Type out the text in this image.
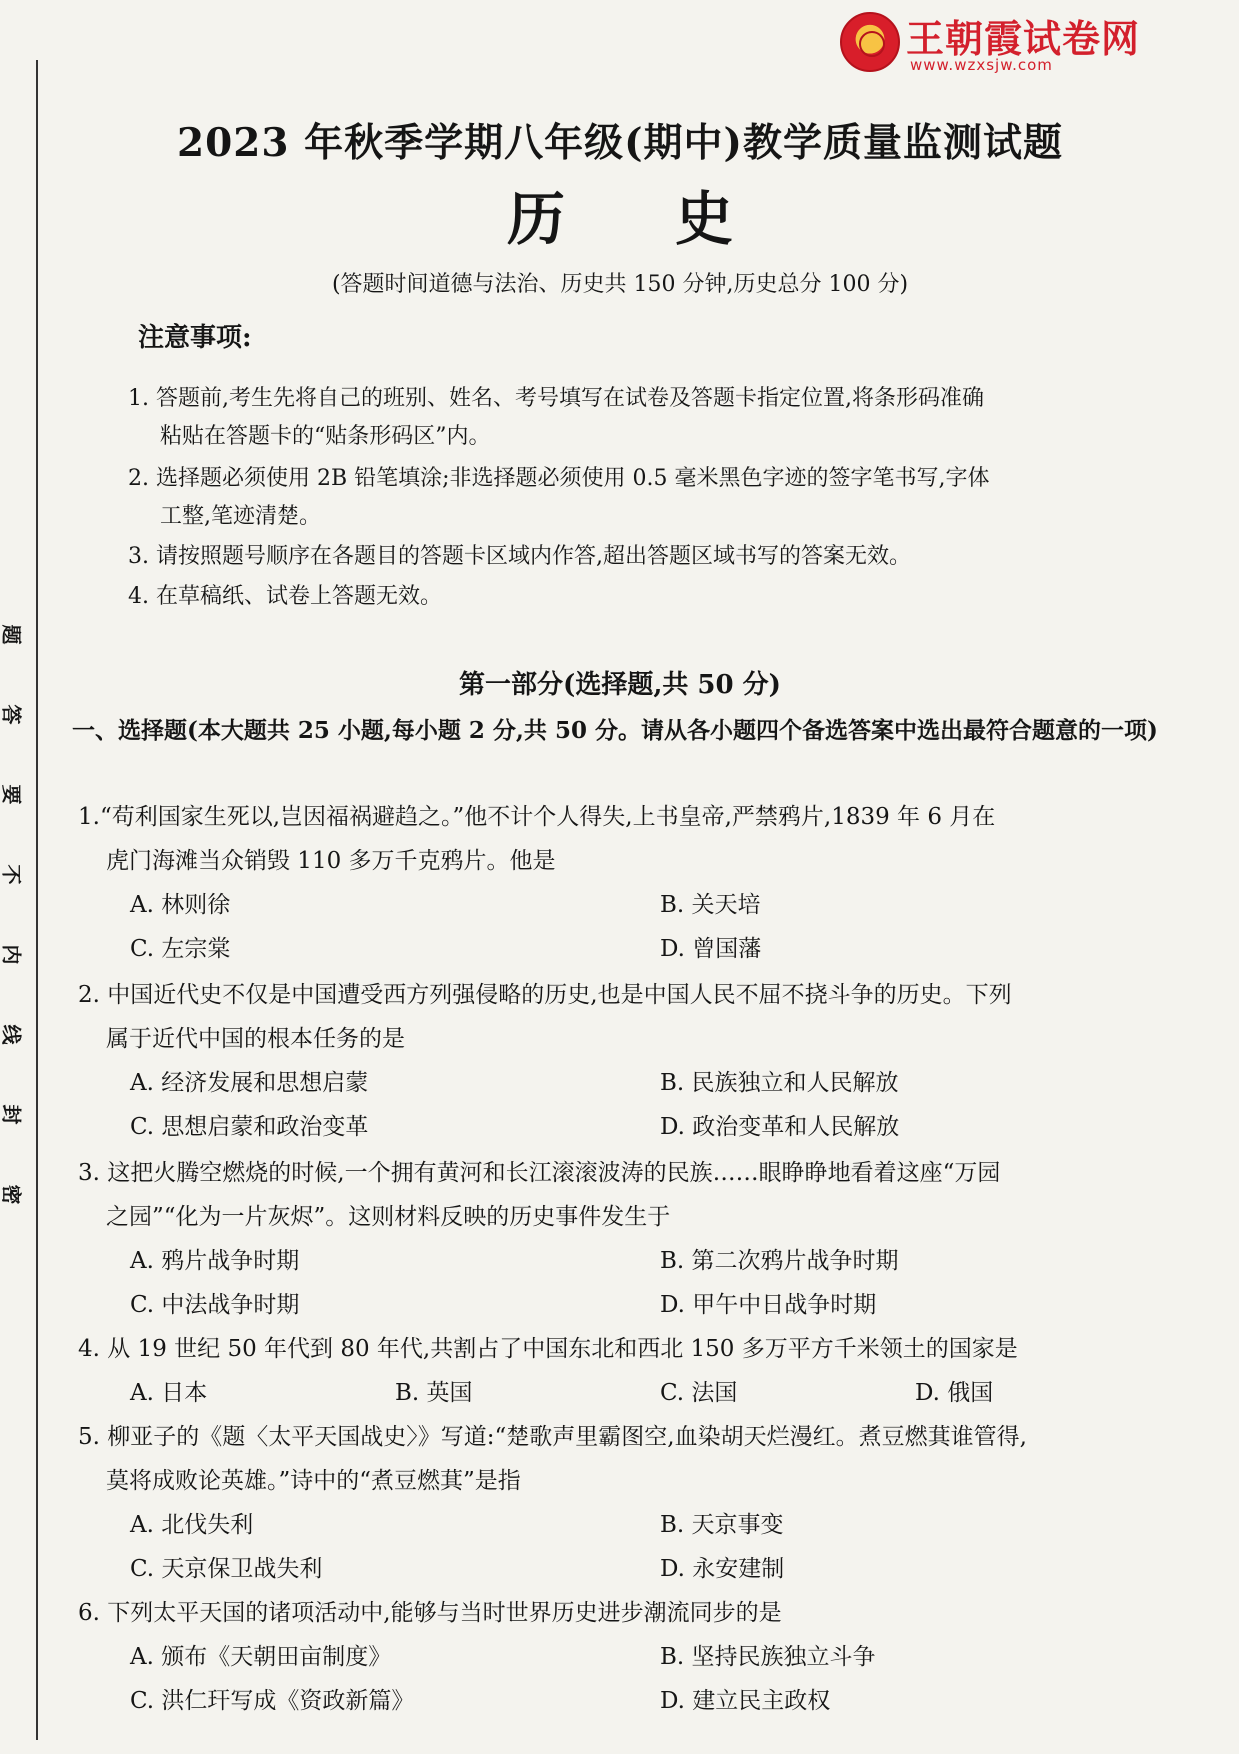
王朝霞试卷网
www.wzxsjw.com
题
答
要
不
内
线
封
密
2023 年秋季学期八年级(期中)教学质量监测试题
历史
(答题时间道德与法治、历史共 150 分钟,历史总分 100 分)
注意事项:
1. 答题前,考生先将自己的班别、姓名、考号填写在试卷及答题卡指定位置,将条形码准确
粘贴在答题卡的“贴条形码区”内。
2. 选择题必须使用 2B 铅笔填涂;非选择题必须使用 0.5 毫米黑色字迹的签字笔书写,字体
工整,笔迹清楚。
3. 请按照题号顺序在各题目的答题卡区域内作答,超出答题区域书写的答案无效。
4. 在草稿纸、试卷上答题无效。
第一部分(选择题,共 50 分)
一、选择题(本大题共 25 小题,每小题 2 分,共 50 分。请从各小题四个备选答案中选出最符合题意的一项)
1.“苟利国家生死以,岂因福祸避趋之。”他不计个人得失,上书皇帝,严禁鸦片,1839 年 6 月在
虎门海滩当众销毁 110 多万千克鸦片。他是
A. 林则徐	B. 关天培
C. 左宗棠	D. 曾国藩
2. 中国近代史不仅是中国遭受西方列强侵略的历史,也是中国人民不屈不挠斗争的历史。下列
属于近代中国的根本任务的是
A. 经济发展和思想启蒙	B. 民族独立和人民解放
C. 思想启蒙和政治变革	D. 政治变革和人民解放
3. 这把火腾空燃烧的时候,一个拥有黄河和长江滚滚波涛的民族……眼睁睁地看着这座“万园
之园”“化为一片灰烬”。这则材料反映的历史事件发生于
A. 鸦片战争时期	B. 第二次鸦片战争时期
C. 中法战争时期	D. 甲午中日战争时期
4. 从 19 世纪 50 年代到 80 年代,共割占了中国东北和西北 150 多万平方千米领土的国家是
A. 日本	B. 英国	C. 法国	D. 俄国
5. 柳亚子的《题〈太平天国战史〉》写道:“楚歌声里霸图空,血染胡天烂漫红。煮豆燃萁谁管得,
莫将成败论英雄。”诗中的“煮豆燃萁”是指
A. 北伐失利	B. 天京事变
C. 天京保卫战失利	D. 永安建制
6. 下列太平天国的诸项活动中,能够与当时世界历史进步潮流同步的是
A. 颁布《天朝田亩制度》	B. 坚持民族独立斗争
C. 洪仁玕写成《资政新篇》	D. 建立民主政权
